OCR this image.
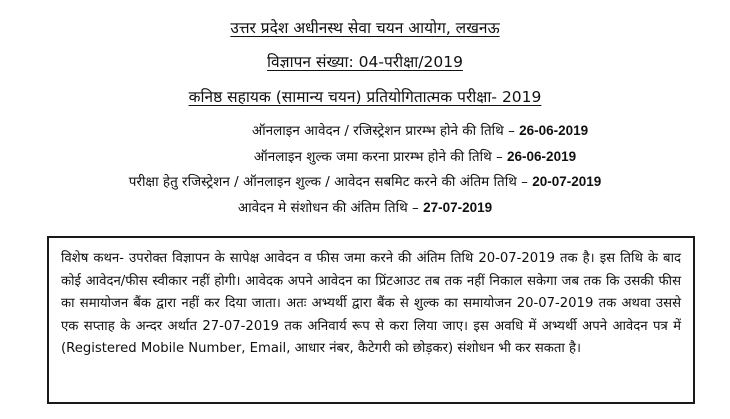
उत्तर प्रदेश अधीनस्थ सेवा चयन आयोग, लखनऊ
विज्ञापन संख्या: 04-परीक्षा/2019
कनिष्ठ सहायक (सामान्य चयन) प्रतियोगितात्मक परीक्षा- 2019
ऑनलाइन आवेदन / रजिस्ट्रेशन प्रारम्भ होने की तिथि – 26-06-2019
ऑनलाइन शुल्क जमा करना प्रारम्भ होने की तिथि – 26-06-2019
परीक्षा हेतु रजिस्ट्रेशन / ऑनलाइन शुल्क / आवेदन सबमिट करने की अंतिम तिथि – 20-07-2019
आवेदन मे संशोधन की अंतिम तिथि – 27-07-2019

विशेष कथन- उपरोक्त विज्ञापन के सापेक्ष आवेदन व फीस जमा करने की अंतिम तिथि 20-07-2019 तक है। इस तिथि के बाद कोई आवेदन/फीस स्वीकार नहीं होगी। आवेदक अपने आवेदन का प्रिंटआउट तब तक नहीं निकाल सकेगा जब तक कि उसकी फीस का समायोजन बैंक द्वारा नहीं कर दिया जाता। अतः अभ्यर्थी द्वारा बैंक से शुल्क का समायोजन 20-07-2019 तक अथवा उससे एक सप्ताह के अन्दर अर्थात 27-07-2019 तक अनिवार्य रूप से करा लिया जाए। इस अवधि में अभ्यर्थी अपने आवेदन पत्र में (Registered Mobile Number, Email, आधार नंबर, कैटेगरी को छोड़कर) संशोधन भी कर सकता है।
